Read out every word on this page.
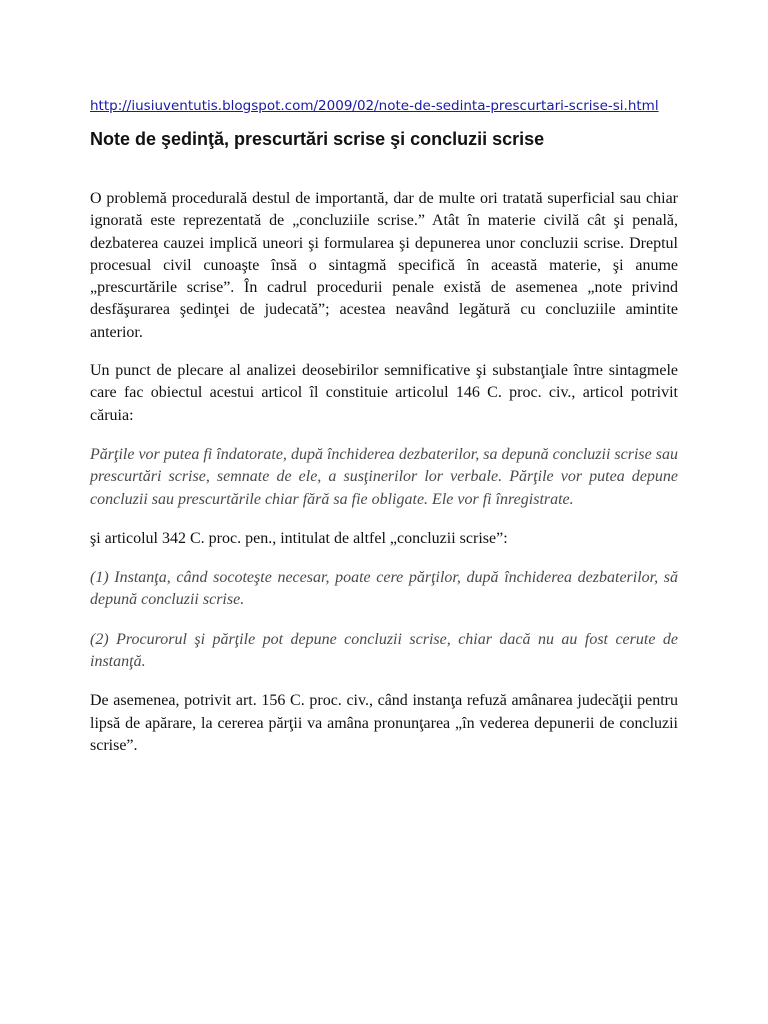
http://iusiuventutis.blogspot.com/2009/02/note-de-sedinta-prescurtari-scrise-si.html
Note de şedinţă, prescurtări scrise şi concluzii scrise

O problemă procedurală destul de importantă, dar de multe ori tratată superficial sau chiar ignorată este reprezentată de „concluziile scrise.” Atât în materie civilă cât şi penală, dezbaterea cauzei implică uneori şi formularea şi depunerea unor concluzii scrise. Dreptul procesual civil cunoaşte însă o sintagmă specifică în această materie, şi anume „prescurtările scrise”. În cadrul procedurii penale există de asemenea „note privind desfăşurarea şedinţei de judecată”; acestea neavând legătură cu concluziile amintite anterior.

Un punct de plecare al analizei deosebirilor semnificative şi substanţiale între sintagmele care fac obiectul acestui articol îl constituie articolul 146 C. proc. civ., articol potrivit căruia:

Părţile vor putea fi îndatorate, după închiderea dezbaterilor, sa depună concluzii scrise sau prescurtări scrise, semnate de ele, a susţinerilor lor verbale. Părţile vor putea depune concluzii sau prescurtările chiar fără sa fie obligate. Ele vor fi înregistrate.

şi articolul 342 C. proc. pen., intitulat de altfel „concluzii scrise”:

(1) Instanţa, când socoteşte necesar, poate cere părţilor, după închiderea dezbaterilor, să depună concluzii scrise.

(2) Procurorul şi părţile pot depune concluzii scrise, chiar dacă nu au fost cerute de instanţă.

De asemenea, potrivit art. 156 C. proc. civ., când instanţa refuză amânarea judecăţii pentru lipsă de apărare, la cererea părţii va amâna pronunţarea „în vederea depunerii de concluzii scrise”.
